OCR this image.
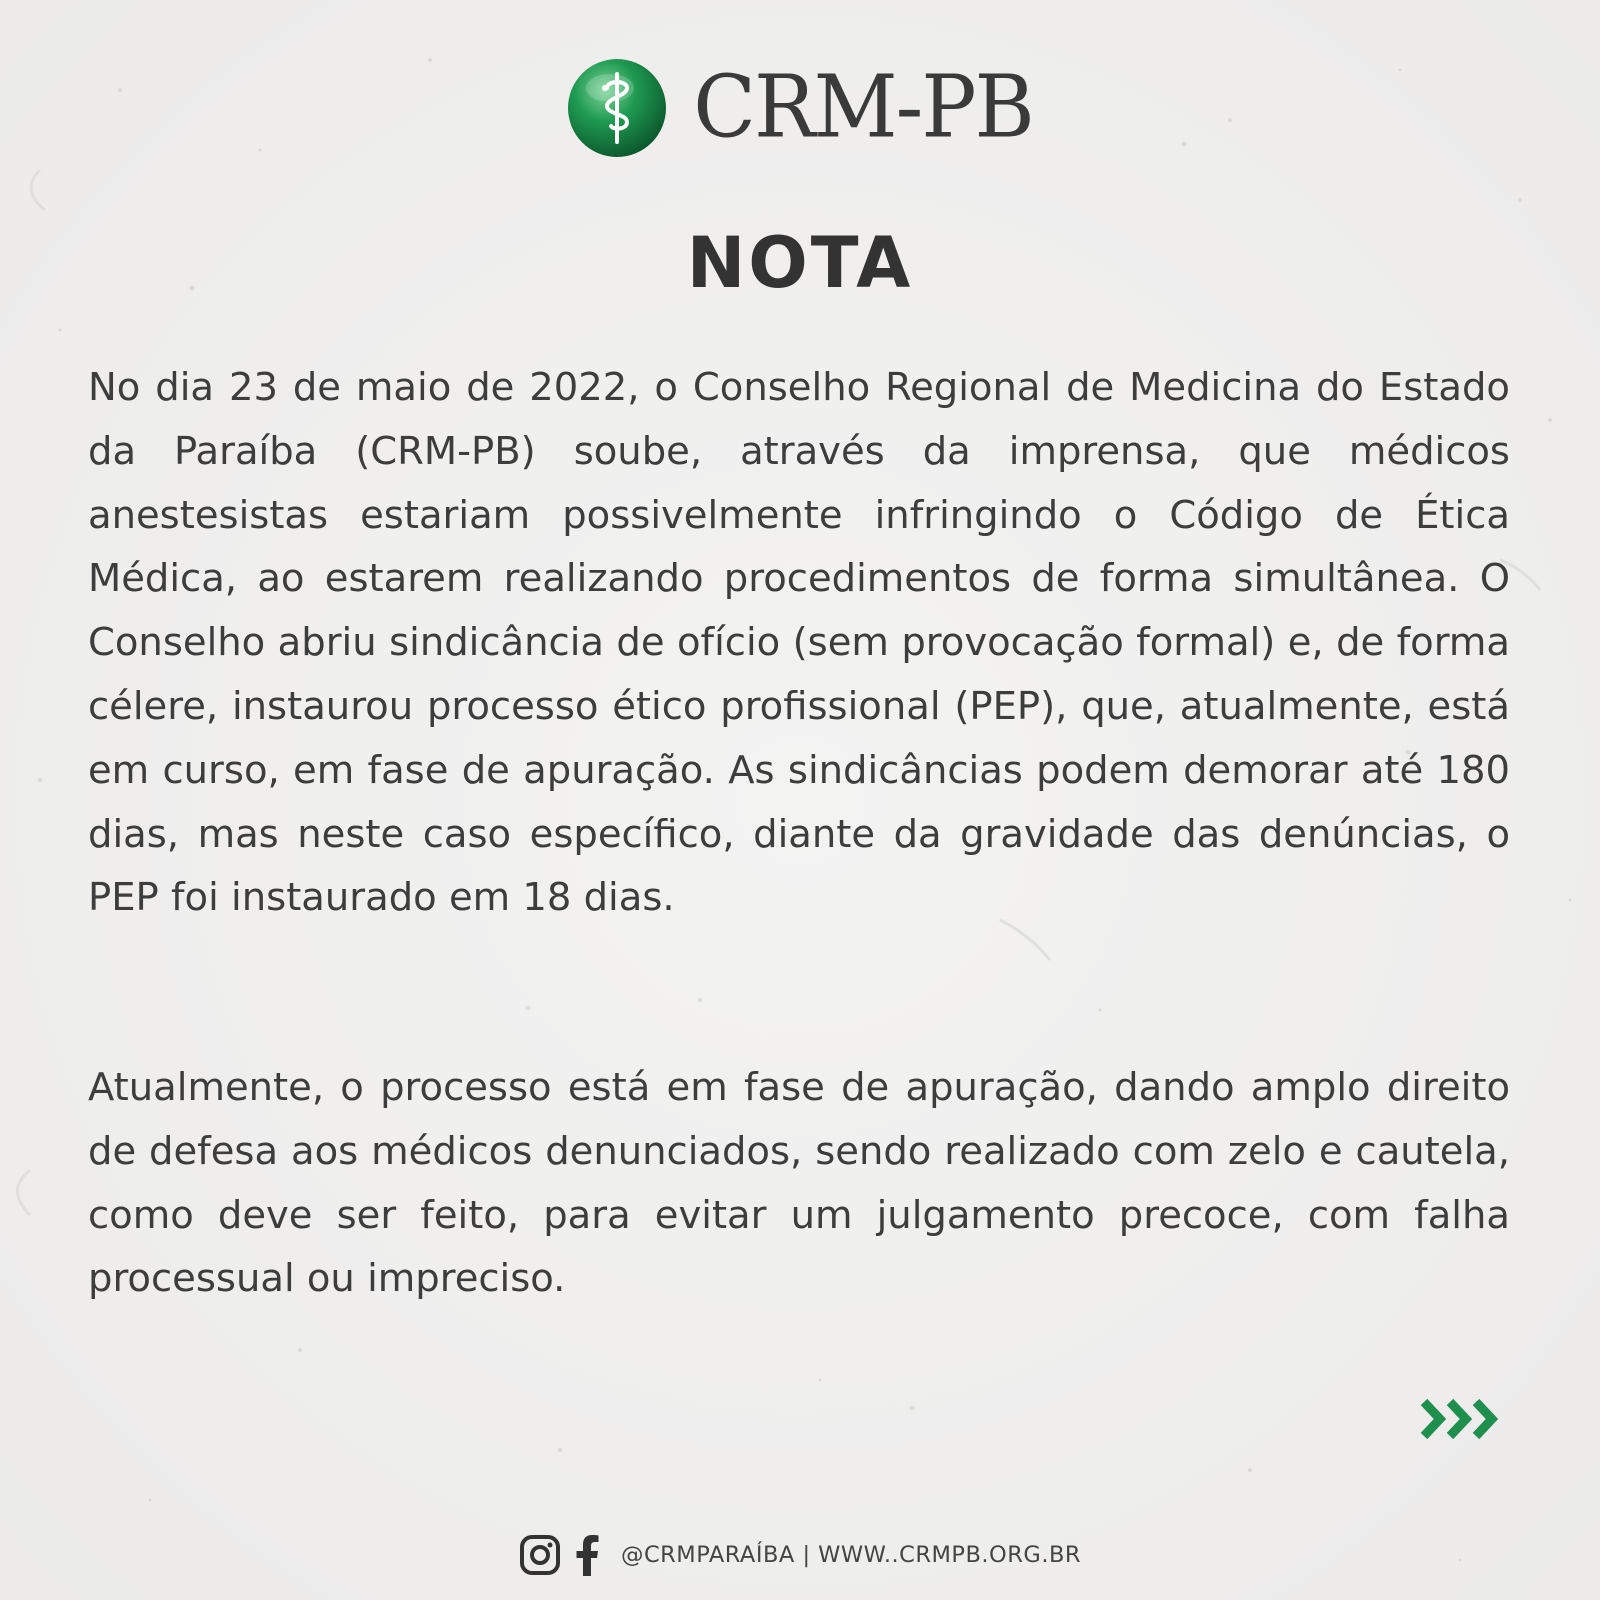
CRM-PB
NOTA

No dia 23 de maio de 2022, o Conselho Regional de Medicina do Estado da Paraíba (CRM-PB) soube, através da imprensa, que médicos anestesistas estariam possivelmente infringindo o Código de Ética Médica, ao estarem realizando procedimentos de forma simultânea. O Conselho abriu sindicância de ofício (sem provocação formal) e, de forma célere, instaurou processo ético profissional (PEP), que, atualmente, está em curso, em fase de apuração. As sindicâncias podem demorar até 180 dias, mas neste caso específico, diante da gravidade das denúncias, o PEP foi instaurado em 18 dias.

Atualmente, o processo está em fase de apuração, dando amplo direito de defesa aos médicos denunciados, sendo realizado com zelo e cautela, como deve ser feito, para evitar um julgamento precoce, com falha processual ou impreciso.

@CRMPARAÍBA | WWW..CRMPB.ORG.BR
